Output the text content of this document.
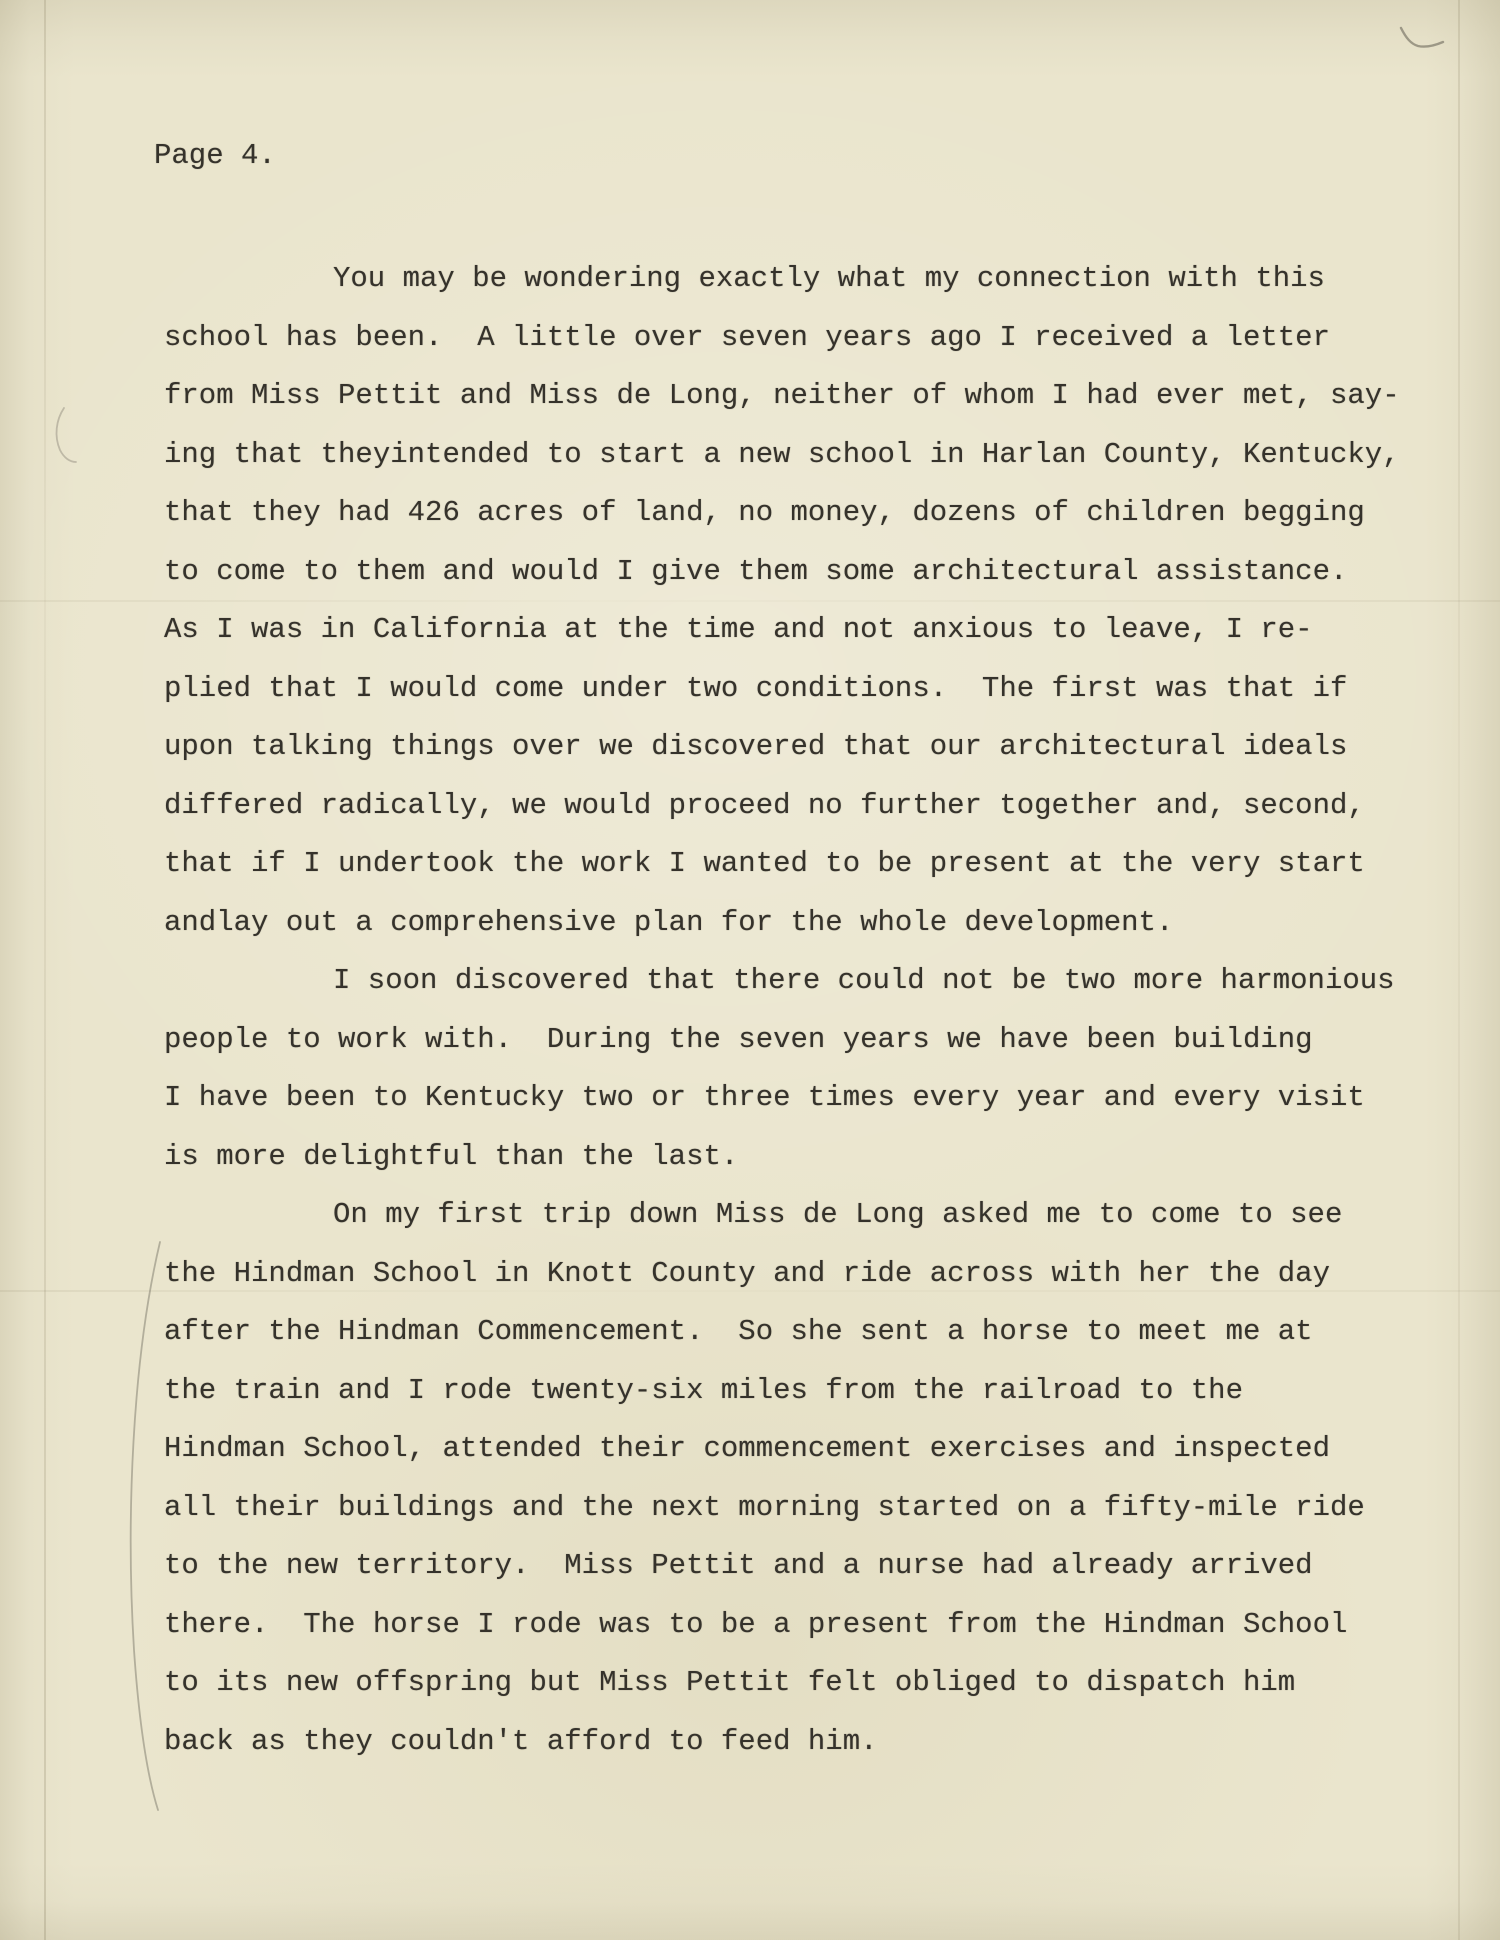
Page 4.
You may be wondering exactly what my connection with this
school has been.  A little over seven years ago I received a letter
from Miss Pettit and Miss de Long, neither of whom I had ever met, say-
ing that theyintended to start a new school in Harlan County, Kentucky,
that they had 426 acres of land, no money, dozens of children begging
to come to them and would I give them some architectural assistance.
As I was in California at the time and not anxious to leave, I re-
plied that I would come under two conditions.  The first was that if
upon talking things over we discovered that our architectural ideals
differed radically, we would proceed no further together and, second,
that if I undertook the work I wanted to be present at the very start
andlay out a comprehensive plan for the whole development.
I soon discovered that there could not be two more harmonious
people to work with.  During the seven years we have been building
I have been to Kentucky two or three times every year and every visit
is more delightful than the last.
On my first trip down Miss de Long asked me to come to see
the Hindman School in Knott County and ride across with her the day
after the Hindman Commencement.  So she sent a horse to meet me at
the train and I rode twenty-six miles from the railroad to the
Hindman School, attended their commencement exercises and inspected
all their buildings and the next morning started on a fifty-mile ride
to the new territory.  Miss Pettit and a nurse had already arrived
there.  The horse I rode was to be a present from the Hindman School
to its new offspring but Miss Pettit felt obliged to dispatch him
back as they couldn't afford to feed him.
